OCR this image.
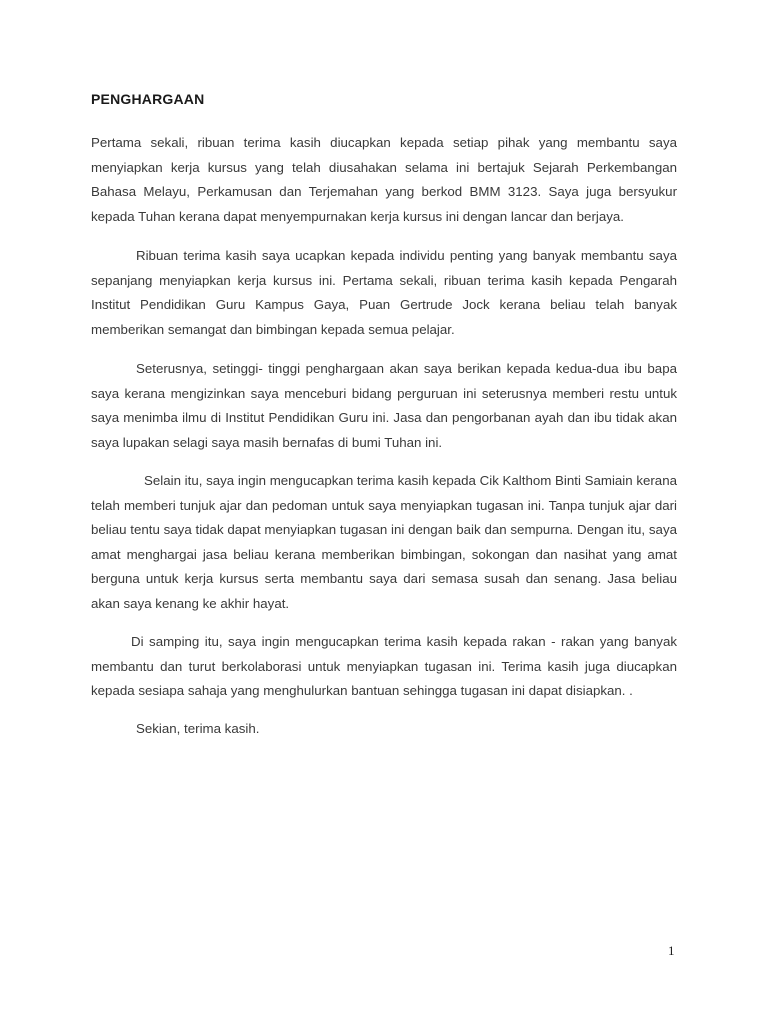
PENGHARGAAN

Pertama sekali, ribuan terima kasih diucapkan kepada setiap pihak yang membantu saya menyiapkan kerja kursus yang telah diusahakan selama ini bertajuk Sejarah Perkembangan Bahasa Melayu, Perkamusan dan Terjemahan yang berkod BMM 3123. Saya juga bersyukur kepada Tuhan kerana dapat menyempurnakan kerja kursus ini dengan lancar dan berjaya.

Ribuan terima kasih saya ucapkan kepada individu penting yang banyak membantu saya sepanjang menyiapkan kerja kursus ini. Pertama sekali, ribuan terima kasih kepada Pengarah Institut Pendidikan Guru Kampus Gaya, Puan Gertrude Jock kerana beliau telah banyak memberikan semangat dan bimbingan kepada semua pelajar.

Seterusnya, setinggi- tinggi penghargaan akan saya berikan kepada kedua-dua ibu bapa saya kerana mengizinkan saya menceburi bidang perguruan ini seterusnya memberi restu untuk saya menimba ilmu di Institut Pendidikan Guru ini. Jasa dan pengorbanan ayah dan ibu tidak akan saya lupakan selagi saya masih bernafas di bumi Tuhan ini.

Selain itu, saya ingin mengucapkan terima kasih kepada Cik Kalthom Binti Samiain kerana telah memberi tunjuk ajar dan pedoman untuk saya menyiapkan tugasan ini. Tanpa tunjuk ajar dari beliau tentu saya tidak dapat menyiapkan tugasan ini dengan baik dan sempurna. Dengan itu, saya amat menghargai jasa beliau kerana memberikan bimbingan, sokongan dan nasihat yang amat berguna untuk kerja kursus serta membantu saya dari semasa susah dan senang. Jasa beliau akan saya kenang ke akhir hayat.

Di samping itu, saya ingin mengucapkan terima kasih kepada rakan - rakan yang banyak membantu dan turut berkolaborasi untuk menyiapkan tugasan ini. Terima kasih juga diucapkan kepada sesiapa sahaja yang menghulurkan bantuan sehingga tugasan ini dapat disiapkan. .

Sekian, terima kasih.

1
